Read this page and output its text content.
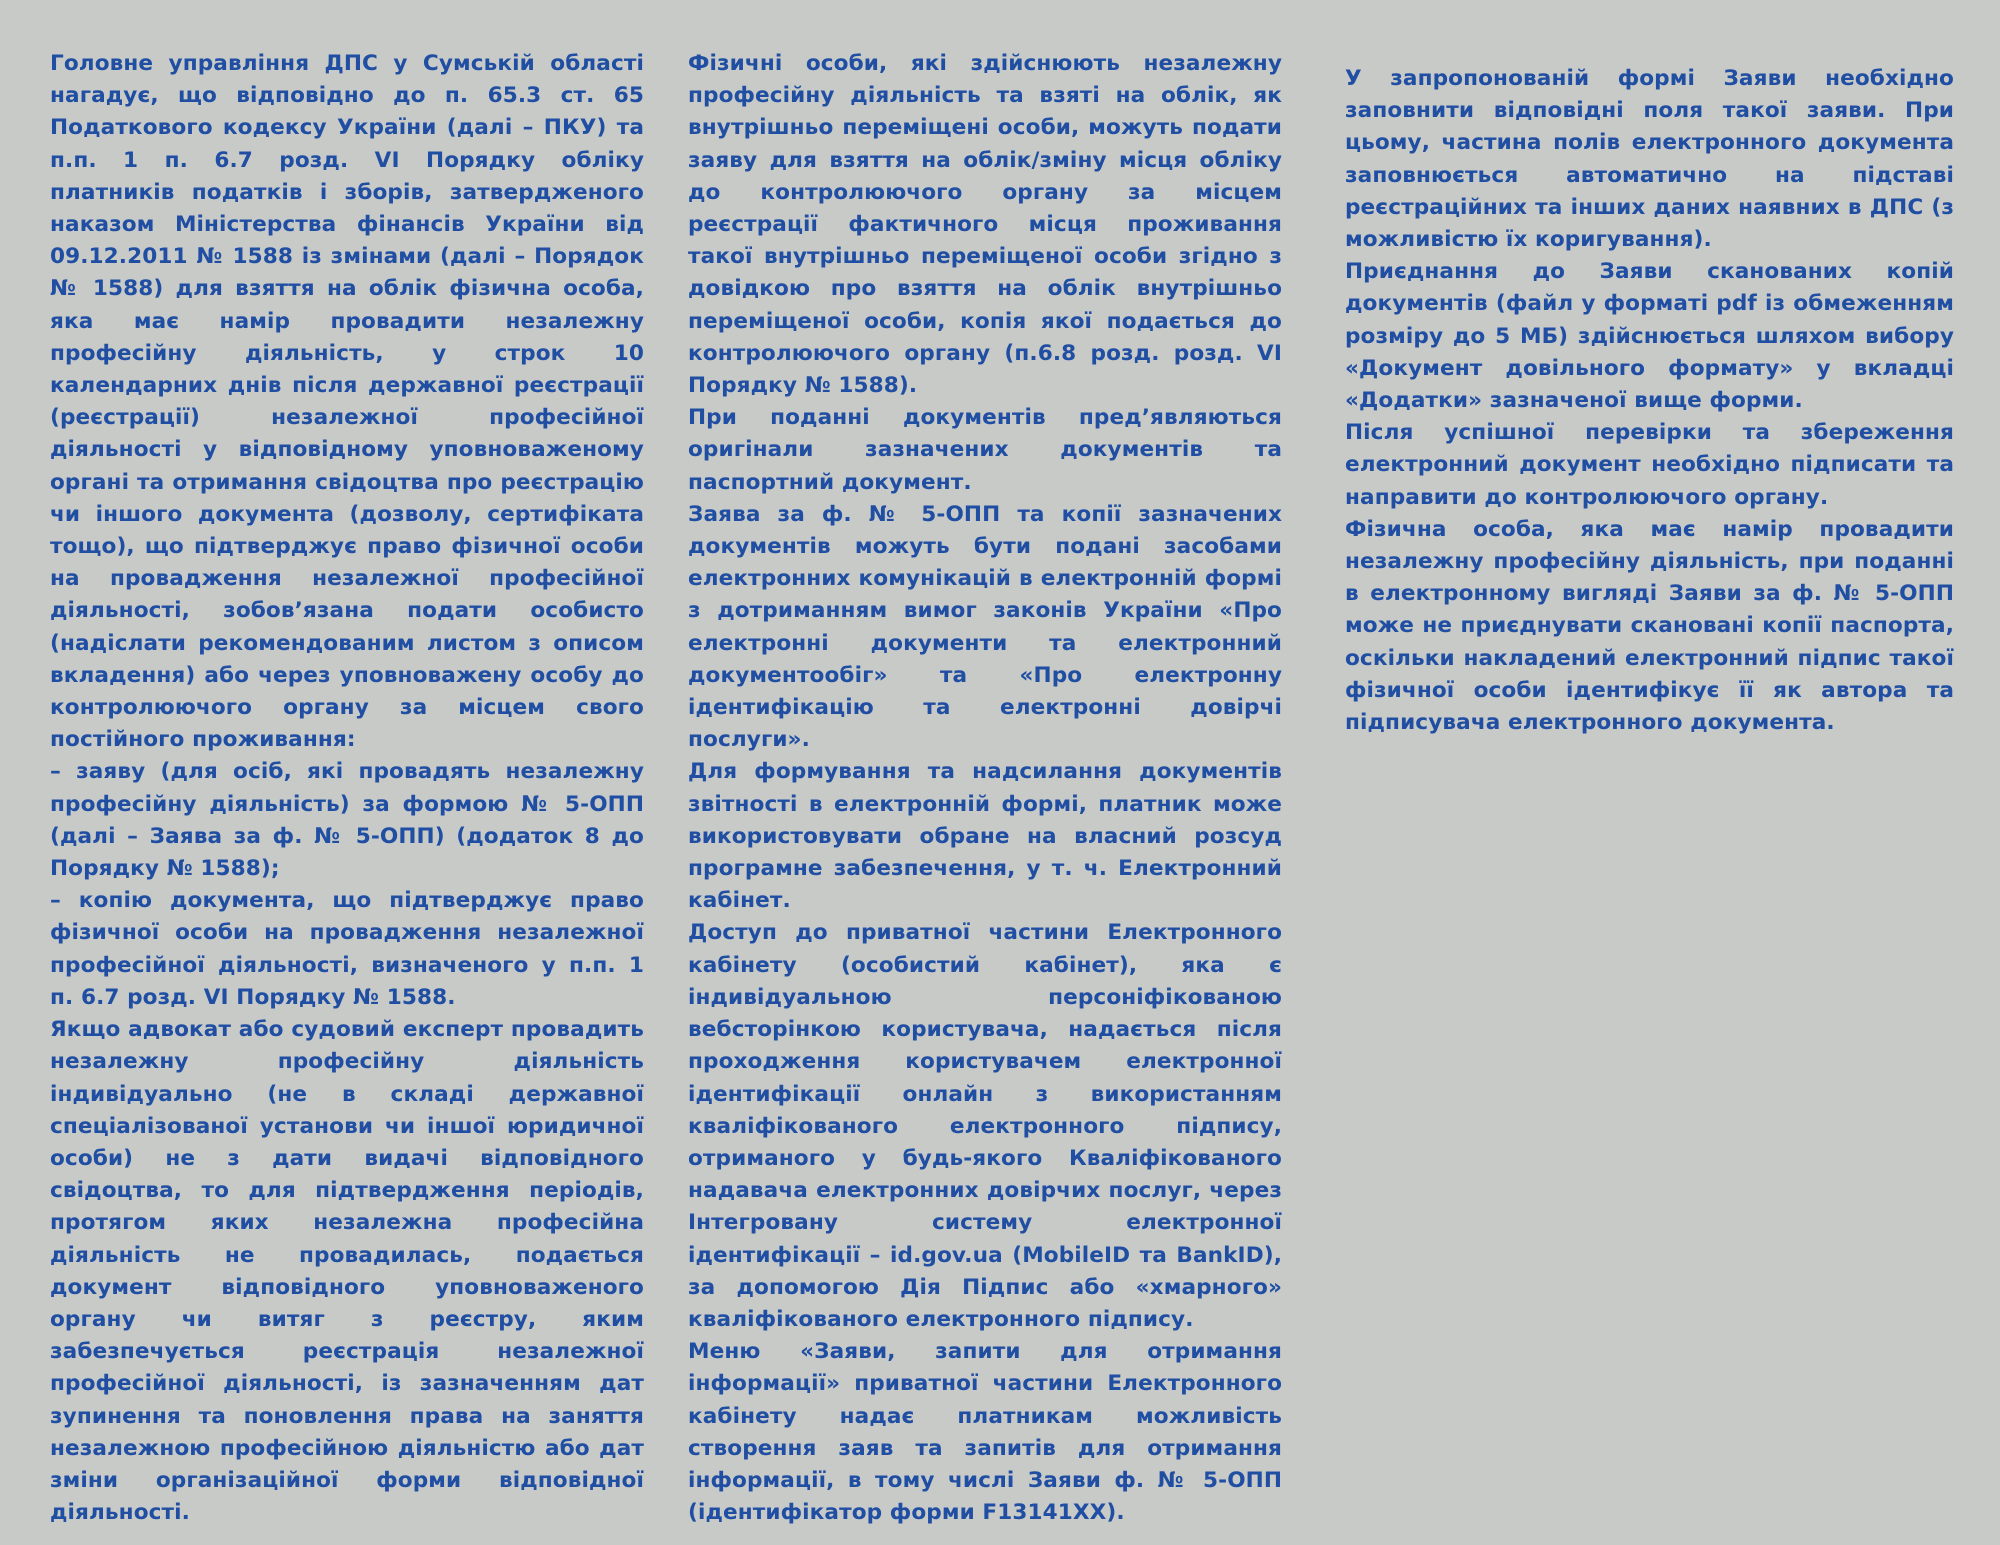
Головне управління ДПС у Сумській області нагадує, що відповідно до п. 65.3 ст. 65 Податкового кодексу України (далі – ПКУ) та п.п. 1 п. 6.7 розд. VI Порядку обліку платників податків і зборів, затвердженого наказом Міністерства фінансів України від 09.12.2011 № 1588 із змінами (далі – Порядок № 1588) для взяття на облік фізична особа, яка має намір провадити незалежну професійну діяльність, у строк 10 календарних днів після державної реєстрації (реєстрації) незалежної професійної діяльності у відповідному уповноваженому органі та отримання свідоцтва про реєстрацію чи іншого документа (дозволу, сертифіката тощо), що підтверджує право фізичної особи на провадження незалежної професійної діяльності, зобов’язана подати особисто (надіслати рекомендованим листом з описом вкладення) або через уповноважену особу до контролюючого органу за місцем свого постійного проживання:

– заяву (для осіб, які провадять незалежну професійну діяльність) за формою № 5-ОПП (далі – Заява за ф. № 5-ОПП) (додаток 8 до Порядку № 1588);

– копію документа, що підтверджує право фізичної особи на провадження незалежної професійної діяльності, визначеного у п.п. 1 п. 6.7 розд. VI Порядку № 1588.

Якщо адвокат або судовий експерт провадить незалежну професійну діяльність індивідуально (не в складі державної спеціалізованої установи чи іншої юридичної особи) не з дати видачі відповідного свідоцтва, то для підтвердження періодів, протягом яких незалежна професійна діяльність не провадилась, подається документ відповідного уповноваженого органу чи витяг з реєстру, яким забезпечується реєстрація незалежної професійної діяльності, із зазначенням дат зупинення та поновлення права на заняття незалежною професійною діяльністю або дат зміни організаційної форми відповідної діяльності.

Фізичні особи, які здійснюють незалежну професійну діяльність та взяті на облік, як внутрішньо переміщені особи, можуть подати заяву для взяття на облік/зміну місця обліку до контролюючого органу за місцем реєстрації фактичного місця проживання такої внутрішньо переміщеної особи згідно з довідкою про взяття на облік внутрішньо переміщеної особи, копія якої подається до контролюючого органу (п.6.8 розд. розд. VI Порядку № 1588).

При поданні документів пред’являються оригінали зазначених документів та паспортний документ.

Заява за ф. № 5-ОПП та копії зазначених документів можуть бути подані засобами електронних комунікацій в електронній формі з дотриманням вимог законів України «Про електронні документи та електронний документообіг» та «Про електронну ідентифікацію та електронні довірчі послуги».

Для формування та надсилання документів звітності в електронній формі, платник може використовувати обране на власний розсуд програмне забезпечення, у т. ч. Електронний кабінет.

Доступ до приватної частини Електронного кабінету (особистий кабінет), яка є індивідуальною персоніфікованою вебсторінкою користувача, надається після проходження користувачем електронної ідентифікації онлайн з використанням кваліфікованого електронного підпису, отриманого у будь-якого Кваліфікованого надавача електронних довірчих послуг, через Інтегровану систему електронної ідентифікації – id.gov.ua (MobileID та BankID), за допомогою Дія Підпис або «хмарного» кваліфікованого електронного підпису.

Меню «Заяви, запити для отримання інформації» приватної частини Електронного кабінету надає платникам можливість створення заяв та запитів для отримання інформації, в тому числі Заяви ф. № 5-ОПП (ідентифікатор форми F13141XX).

У запропонованій формі Заяви необхідно заповнити відповідні поля такої заяви. При цьому, частина полів електронного документа заповнюється автоматично на підставі реєстраційних та інших даних наявних в ДПС (з можливістю їх коригування).

Приєднання до Заяви сканованих копій документів (файл у форматі pdf із обмеженням розміру до 5 МБ) здійснюється шляхом вибору «Документ довільного формату» у вкладці «Додатки» зазначеної вище форми.

Після успішної перевірки та збереження електронний документ необхідно підписати та направити до контролюючого органу.

Фізична особа, яка має намір провадити незалежну професійну діяльність, при поданні в електронному вигляді Заяви за ф. № 5-ОПП може не приєднувати скановані копії паспорта, оскільки накладений електронний підпис такої фізичної особи ідентифікує її як автора та підписувача електронного документа.
